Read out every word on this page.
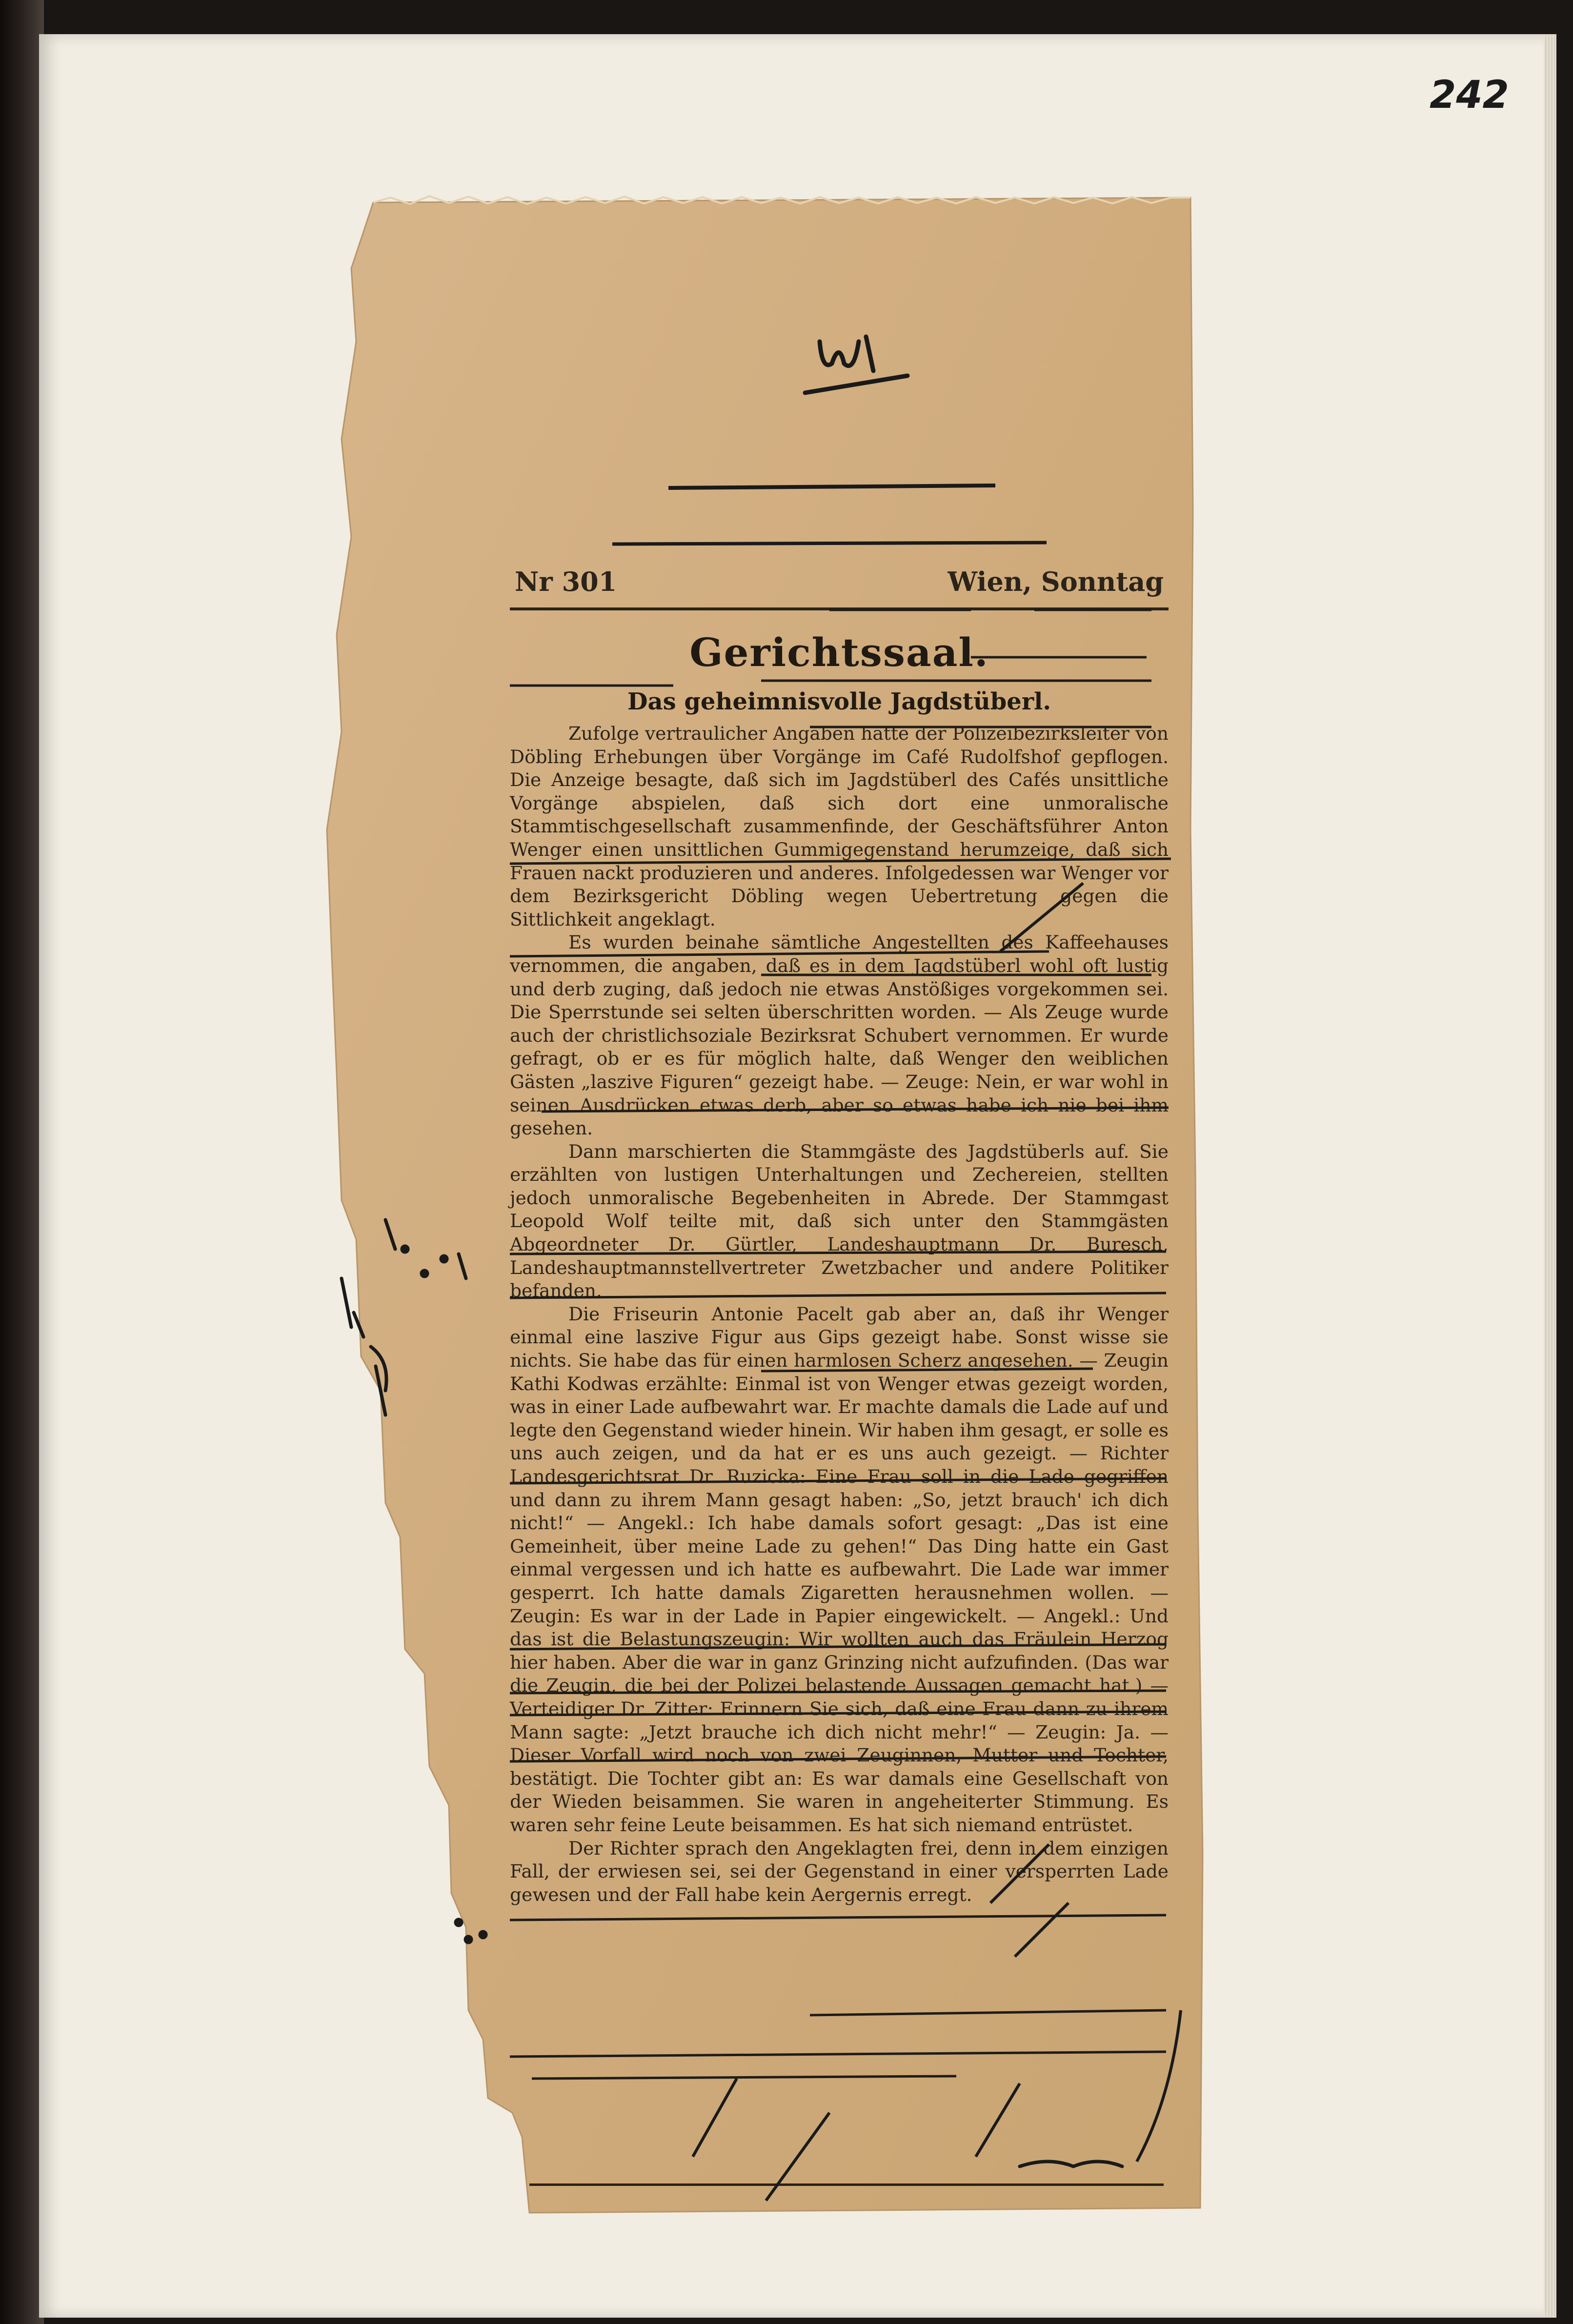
242
Nr 301	Wien, Sonntag
Gerichtssaal.
Das geheimnisvolle Jagdstüberl.

Zufolge vertraulicher Angaben hatte der Polizeibezirksleiter von Döbling Erhebungen über Vorgänge im Café Rudolfshof gepflogen. Die Anzeige besagte, daß sich im Jagdstüberl des Cafés unsittliche Vorgänge abspielen, daß sich dort eine unmoralische Stammtischgesellschaft zusammenfinde, der Geschäftsführer Anton Wenger einen unsittlichen Gummigegenstand herumzeige, daß sich Frauen nackt produzieren und anderes. Infolgedessen war Wenger vor dem Bezirksgericht Döbling wegen Uebertretung gegen die Sittlichkeit angeklagt.

Es wurden beinahe sämtliche Angestellten des Kaffeehauses vernommen, die angaben, daß es in dem Jagdstüberl wohl oft lustig und derb zuging, daß jedoch nie etwas Anstößiges vorgekommen sei. Die Sperrstunde sei selten überschritten worden. — Als Zeuge wurde auch der christlichsoziale Bezirksrat Schubert vernommen. Er wurde gefragt, ob er es für möglich halte, daß Wenger den weiblichen Gästen „laszive Figuren“ gezeigt habe. — Zeuge: Nein, er war wohl in seinen Ausdrücken etwas derb, aber so etwas habe ich nie bei ihm gesehen.

Dann marschierten die Stammgäste des Jagdstüberls auf. Sie erzählten von lustigen Unterhaltungen und Zechereien, stellten jedoch unmoralische Begebenheiten in Abrede. Der Stammgast Leopold Wolf teilte mit, daß sich unter den Stammgästen Abgeordneter Dr. Gürtler, Landeshauptmann Dr. Buresch, Landeshauptmannstellvertreter Zwetzbacher und andere Politiker befanden.

Die Friseurin Antonie Pacelt gab aber an, daß ihr Wenger einmal eine laszive Figur aus Gips gezeigt habe. Sonst wisse sie nichts. Sie habe das für einen harmlosen Scherz angesehen. — Zeugin Kathi Kodwas erzählte: Einmal ist von Wenger etwas gezeigt worden, was in einer Lade aufbewahrt war. Er machte damals die Lade auf und legte den Gegenstand wieder hinein. Wir haben ihm gesagt, er solle es uns auch zeigen, und da hat er es uns auch gezeigt. — Richter Landesgerichtsrat Dr. Ruzicka: Eine Frau soll in die Lade gegriffen und dann zu ihrem Mann gesagt haben: „So, jetzt brauch' ich dich nicht!“ — Angekl.: Ich habe damals sofort gesagt: „Das ist eine Gemeinheit, über meine Lade zu gehen!“ Das Ding hatte ein Gast einmal vergessen und ich hatte es aufbewahrt. Die Lade war immer gesperrt. Ich hatte damals Zigaretten herausnehmen wollen. — Zeugin: Es war in der Lade in Papier eingewickelt. — Angekl.: Und das ist die Belastungszeugin: Wir wollten auch das Fräulein Herzog hier haben. Aber die war in ganz Grinzing nicht aufzufinden. (Das war die Zeugin, die bei der Polizei belastende Aussagen gemacht hat.) — Verteidiger Dr. Zitter: Erinnern Sie sich, daß eine Frau dann zu ihrem Mann sagte: „Jetzt brauche ich dich nicht mehr!“ — Zeugin: Ja. — Dieser Vorfall wird noch von zwei Zeuginnen, Mutter und Tochter, bestätigt. Die Tochter gibt an: Es war damals eine Gesellschaft von der Wieden beisammen. Sie waren in angeheiterter Stimmung. Es waren sehr feine Leute beisammen. Es hat sich niemand entrüstet.

Der Richter sprach den Angeklagten frei, denn in dem einzigen Fall, der erwiesen sei, sei der Gegenstand in einer versperrten Lade gewesen und der Fall habe kein Aergernis erregt.
